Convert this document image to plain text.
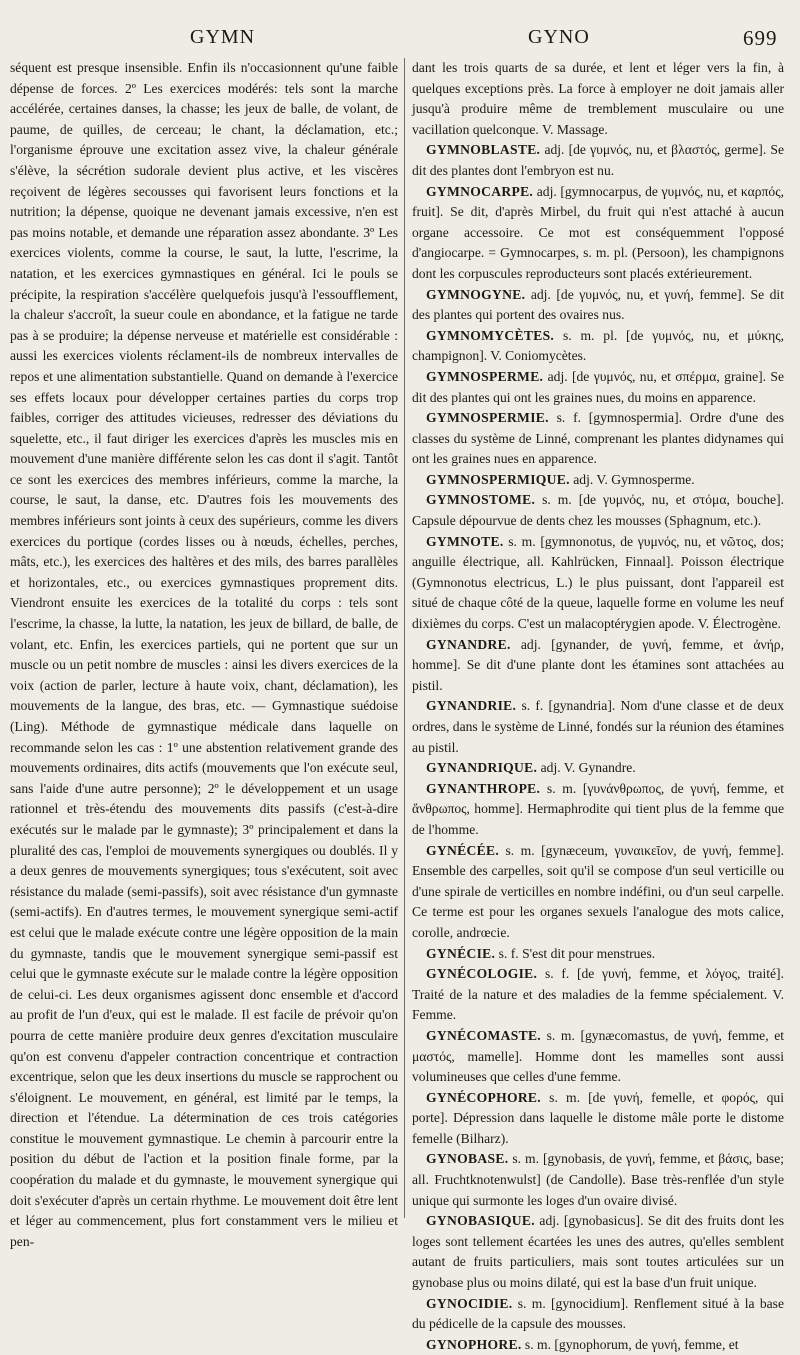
GYMN	GYNO	699

séquent est presque insensible. Enfin ils n'occasionnent qu'une faible dépense de forces. 2º Les exercices modérés: tels sont la marche accélérée, certaines danses, la chasse; les jeux de balle, de volant, de paume, de quilles, de cerceau; le chant, la déclamation, etc.; l'organisme éprouve une excitation assez vive, la chaleur générale s'élève, la sécrétion sudorale devient plus active, et les viscères reçoivent de légères secousses qui favorisent leurs fonctions et la nutrition; la dépense, quoique ne devenant jamais excessive, n'en est pas moins notable, et demande une réparation assez abondante. 3º Les exercices violents, comme la course, le saut, la lutte, l'escrime, la natation, et les exercices gymnastiques en général. Ici le pouls se précipite, la respiration s'accélère quelquefois jusqu'à l'essoufflement, la chaleur s'accroît, la sueur coule en abondance, et la fatigue ne tarde pas à se produire; la dépense nerveuse et matérielle est considérable : aussi les exercices violents réclament-ils de nombreux intervalles de repos et une alimentation substantielle. Quand on demande à l'exercice ses effets locaux pour développer certaines parties du corps trop faibles, corriger des attitudes vicieuses, redresser des déviations du squelette, etc., il faut diriger les exercices d'après les muscles mis en mouvement d'une manière différente selon les cas dont il s'agit. Tantôt ce sont les exercices des membres inférieurs, comme la marche, la course, le saut, la danse, etc. D'autres fois les mouvements des membres inférieurs sont joints à ceux des supérieurs, comme les divers exercices du portique (cordes lisses ou à nœuds, échelles, perches, mâts, etc.), les exercices des haltères et des mils, des barres parallèles et horizontales, etc., ou exercices gymnastiques proprement dits. Viendront ensuite les exercices de la totalité du corps : tels sont l'escrime, la chasse, la lutte, la natation, les jeux de billard, de balle, de volant, etc. Enfin, les exercices partiels, qui ne portent que sur un muscle ou un petit nombre de muscles : ainsi les divers exercices de la voix (action de parler, lecture à haute voix, chant, déclamation), les mouvements de la langue, des bras, etc. — Gymnastique suédoise (Ling). Méthode de gymnastique médicale dans laquelle on recommande selon les cas : 1º une abstention relativement grande des mouvements ordinaires, dits actifs (mouvements que l'on exécute seul, sans l'aide d'une autre personne); 2º le développement et un usage rationnel et très-étendu des mouvements dits passifs (c'est-à-dire exécutés sur le malade par le gymnaste); 3º principalement et dans la pluralité des cas, l'emploi de mouvements synergiques ou doublés. Il y a deux genres de mouvements synergiques; tous s'exécutent, soit avec résistance du malade (semi-passifs), soit avec résistance d'un gymnaste (semi-actifs). En d'autres termes, le mouvement synergique semi-actif est celui que le malade exécute contre une légère opposition de la main du gymnaste, tandis que le mouvement synergique semi-passif est celui que le gymnaste exécute sur le malade contre la légère opposition de celui-ci. Les deux organismes agissent donc ensemble et d'accord au profit de l'un d'eux, qui est le malade. Il est facile de prévoir qu'on pourra de cette manière produire deux genres d'excitation musculaire qu'on est convenu d'appeler contraction concentrique et contraction excentrique, selon que les deux insertions du muscle se rapprochent ou s'éloignent. Le mouvement, en général, est limité par le temps, la direction et l'étendue. La détermination de ces trois catégories constitue le mouvement gymnastique. Le chemin à parcourir entre la position du début de l'action et la position finale forme, par la coopération du malade et du gymnaste, le mouvement synergique qui doit s'exécuter d'après un certain rhythme. Le mouvement doit être lent et léger au commencement, plus fort constamment vers le milieu et pen-

dant les trois quarts de sa durée, et lent et léger vers la fin, à quelques exceptions près. La force à employer ne doit jamais aller jusqu'à produire même de tremblement musculaire ou une vacillation quelconque. V. Massage.

GYMNOBLASTE. adj. [de γυμνός, nu, et βλαστός, germe]. Se dit des plantes dont l'embryon est nu.

GYMNOCARPE. adj. [gymnocarpus, de γυμνός, nu, et καρπός, fruit]. Se dit, d'après Mirbel, du fruit qui n'est attaché à aucun organe accessoire. Ce mot est conséquemment l'opposé d'angiocarpe. = Gymnocarpes, s. m. pl. (Persoon), les champignons dont les corpuscules reproducteurs sont placés extérieurement.

GYMNOGYNE. adj. [de γυμνός, nu, et γυνή, femme]. Se dit des plantes qui portent des ovaires nus.

GYMNOMYCÈTES. s. m. pl. [de γυμνός, nu, et μύκης, champignon]. V. Coniomycètes.

GYMNOSPERME. adj. [de γυμνός, nu, et σπέρμα, graine]. Se dit des plantes qui ont les graines nues, du moins en apparence.

GYMNOSPERMIE. s. f. [gymnospermia]. Ordre d'une des classes du système de Linné, comprenant les plantes didynames qui ont les graines nues en apparence.

GYMNOSPERMIQUE. adj. V. Gymnosperme.

GYMNOSTOME. s. m. [de γυμνός, nu, et στόμα, bouche]. Capsule dépourvue de dents chez les mousses (Sphagnum, etc.).

GYMNOTE. s. m. [gymnonotus, de γυμνός, nu, et νῶτος, dos; anguille électrique, all. Kahlrücken, Finnaal]. Poisson électrique (Gymnonotus electricus, L.) le plus puissant, dont l'appareil est situé de chaque côté de la queue, laquelle forme en volume les neuf dixièmes du corps. C'est un malacoptérygien apode. V. Électrogène.

GYNANDRE. adj. [gynander, de γυνή, femme, et ἀνήρ, homme]. Se dit d'une plante dont les étamines sont attachées au pistil.

GYNANDRIE. s. f. [gynandria]. Nom d'une classe et de deux ordres, dans le système de Linné, fondés sur la réunion des étamines au pistil.

GYNANDRIQUE. adj. V. Gynandre.

GYNANTHROPE. s. m. [γυνάνθρωπος, de γυνή, femme, et ἄνθρωπος, homme]. Hermaphrodite qui tient plus de la femme que de l'homme.

GYNÉCÉE. s. m. [gynæceum, γυναικεῖον, de γυνή, femme]. Ensemble des carpelles, soit qu'il se compose d'un seul verticille ou d'une spirale de verticilles en nombre indéfini, ou d'un seul carpelle. Ce terme est pour les organes sexuels l'analogue des mots calice, corolle, andrœcie.

GYNÉCIE. s. f. S'est dit pour menstrues.

GYNÉCOLOGIE. s. f. [de γυνή, femme, et λόγος, traité]. Traité de la nature et des maladies de la femme spécialement. V. Femme.

GYNÉCOMASTE. s. m. [gynæcomastus, de γυνή, femme, et μαστός, mamelle]. Homme dont les mamelles sont aussi volumineuses que celles d'une femme.

GYNÉCOPHORE. s. m. [de γυνή, femelle, et φορός, qui porte]. Dépression dans laquelle le distome mâle porte le distome femelle (Bilharz).

GYNOBASE. s. m. [gynobasis, de γυνή, femme, et βάσις, base; all. Fruchtknotenwulst] (de Candolle). Base très-renflée d'un style unique qui surmonte les loges d'un ovaire divisé.

GYNOBASIQUE. adj. [gynobasicus]. Se dit des fruits dont les loges sont tellement écartées les unes des autres, qu'elles semblent autant de fruits particuliers, mais sont toutes articulées sur un gynobase plus ou moins dilaté, qui est la base d'un fruit unique.

GYNOCIDIE. s. m. [gynocidium]. Renflement situé à la base du pédicelle de la capsule des mousses.

GYNOPHORE. s. m. [gynophorum, de γυνή, femme, et
